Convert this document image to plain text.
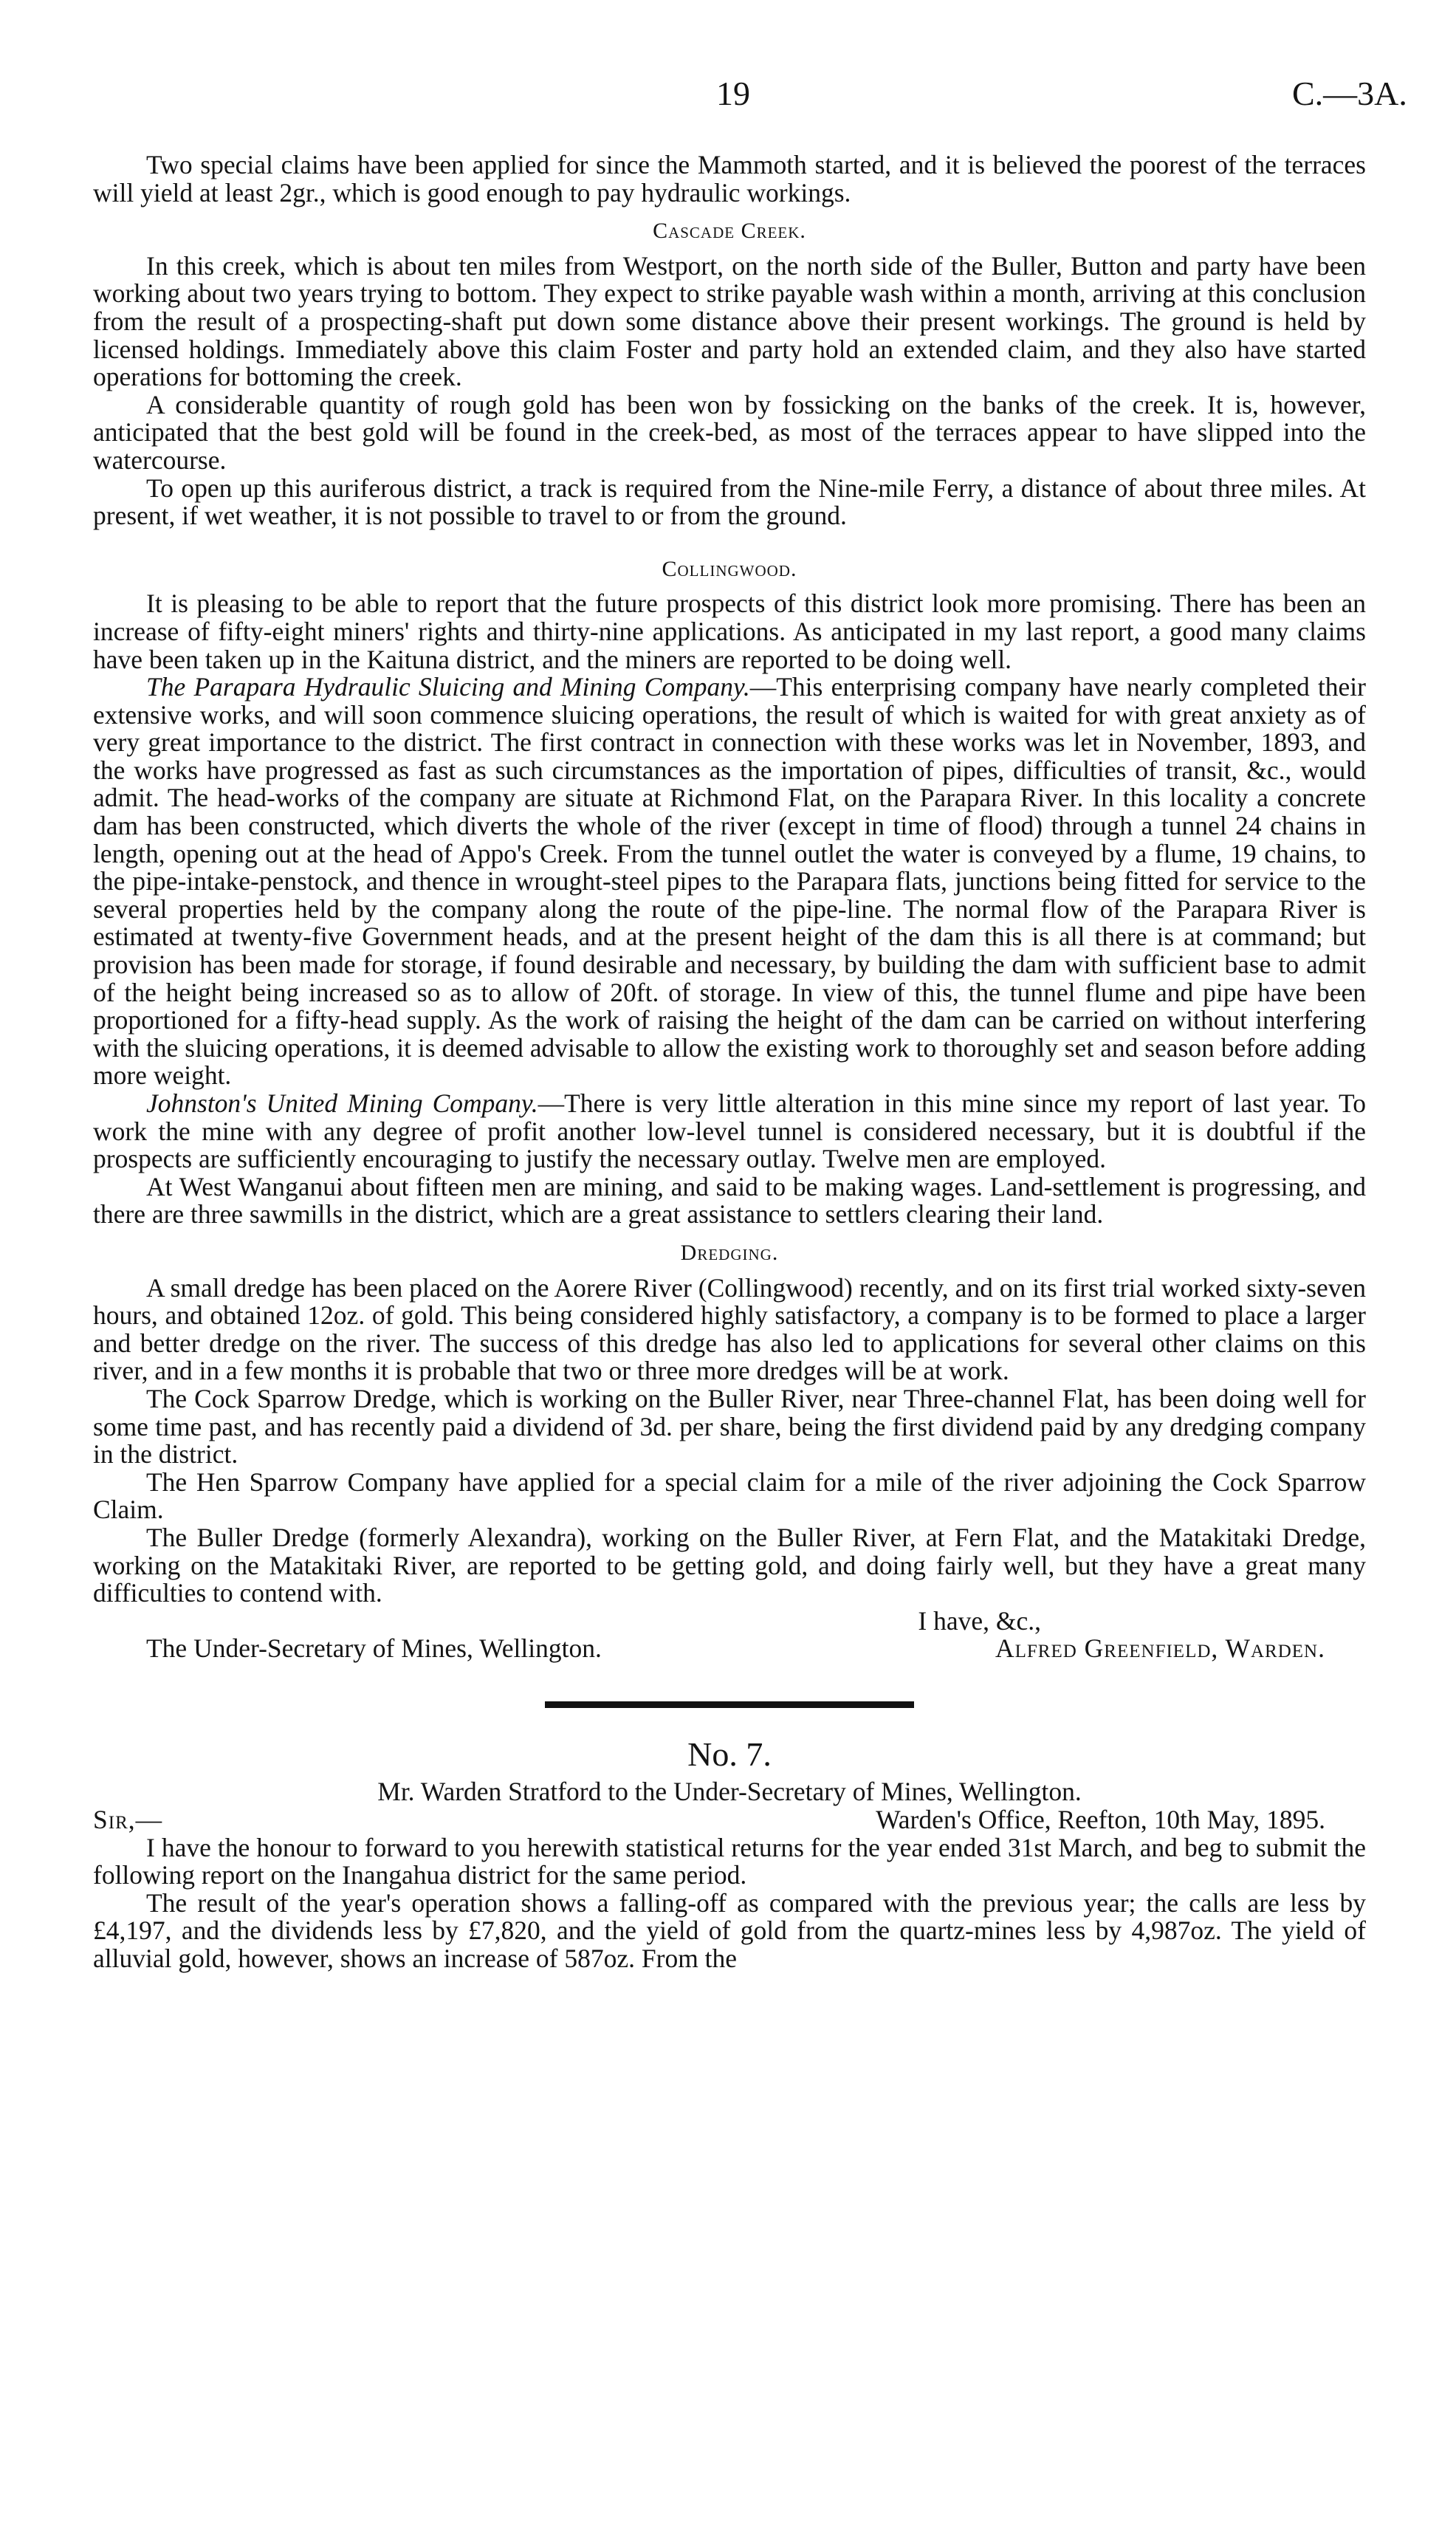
19	C.—3A.

Two special claims have been applied for since the Mammoth started, and it is believed the poorest of the terraces will yield at least 2gr., which is good enough to pay hydraulic workings.

Cascade Creek.

In this creek, which is about ten miles from Westport, on the north side of the Buller, Button and party have been working about two years trying to bottom. They expect to strike payable wash within a month, arriving at this conclusion from the result of a prospecting-shaft put down some distance above their present workings. The ground is held by licensed holdings. Immediately above this claim Foster and party hold an extended claim, and they also have started operations for bottoming the creek.

A considerable quantity of rough gold has been won by fossicking on the banks of the creek. It is, however, anticipated that the best gold will be found in the creek-bed, as most of the terraces appear to have slipped into the watercourse.

To open up this auriferous district, a track is required from the Nine-mile Ferry, a distance of about three miles. At present, if wet weather, it is not possible to travel to or from the ground.

Collingwood.

It is pleasing to be able to report that the future prospects of this district look more promising. There has been an increase of fifty-eight miners' rights and thirty-nine applications. As anticipated in my last report, a good many claims have been taken up in the Kaituna district, and the miners are reported to be doing well.

The Parapara Hydraulic Sluicing and Mining Company.—This enterprising company have nearly completed their extensive works, and will soon commence sluicing operations, the result of which is waited for with great anxiety as of very great importance to the district. The first contract in connection with these works was let in November, 1893, and the works have progressed as fast as such circumstances as the importation of pipes, difficulties of transit, &c., would admit. The head-works of the company are situate at Richmond Flat, on the Parapara River. In this locality a concrete dam has been constructed, which diverts the whole of the river (except in time of flood) through a tunnel 24 chains in length, opening out at the head of Appo's Creek. From the tunnel outlet the water is conveyed by a flume, 19 chains, to the pipe-intake-penstock, and thence in wrought-steel pipes to the Parapara flats, junctions being fitted for service to the several properties held by the company along the route of the pipe-line. The normal flow of the Parapara River is estimated at twenty-five Government heads, and at the present height of the dam this is all there is at command; but provision has been made for storage, if found desirable and necessary, by building the dam with sufficient base to admit of the height being increased so as to allow of 20ft. of storage. In view of this, the tunnel flume and pipe have been proportioned for a fifty-head supply. As the work of raising the height of the dam can be carried on without interfering with the sluicing operations, it is deemed advisable to allow the existing work to thoroughly set and season before adding more weight.

Johnston's United Mining Company.—There is very little alteration in this mine since my report of last year. To work the mine with any degree of profit another low-level tunnel is considered necessary, but it is doubtful if the prospects are sufficiently encouraging to justify the necessary outlay. Twelve men are employed.

At West Wanganui about fifteen men are mining, and said to be making wages. Land-settlement is progressing, and there are three sawmills in the district, which are a great assistance to settlers clearing their land.

Dredging.

A small dredge has been placed on the Aorere River (Collingwood) recently, and on its first trial worked sixty-seven hours, and obtained 12oz. of gold. This being considered highly satisfactory, a company is to be formed to place a larger and better dredge on the river. The success of this dredge has also led to applications for several other claims on this river, and in a few months it is probable that two or three more dredges will be at work.

The Cock Sparrow Dredge, which is working on the Buller River, near Three-channel Flat, has been doing well for some time past, and has recently paid a dividend of 3d. per share, being the first dividend paid by any dredging company in the district.

The Hen Sparrow Company have applied for a special claim for a mile of the river adjoining the Cock Sparrow Claim.

The Buller Dredge (formerly Alexandra), working on the Buller River, at Fern Flat, and the Matakitaki Dredge, working on the Matakitaki River, are reported to be getting gold, and doing fairly well, but they have a great many difficulties to contend with.

I have, &c.,

The Under-Secretary of Mines, Wellington.	Alfred Greenfield, Warden.

No. 7.

Mr. Warden Stratford to the Under-Secretary of Mines, Wellington.

Sir,—	Warden's Office, Reefton, 10th May, 1895.

I have the honour to forward to you herewith statistical returns for the year ended 31st March, and beg to submit the following report on the Inangahua district for the same period.

The result of the year's operation shows a falling-off as compared with the previous year; the calls are less by £4,197, and the dividends less by £7,820, and the yield of gold from the quartz-mines less by 4,987oz. The yield of alluvial gold, however, shows an increase of 587oz. From the
